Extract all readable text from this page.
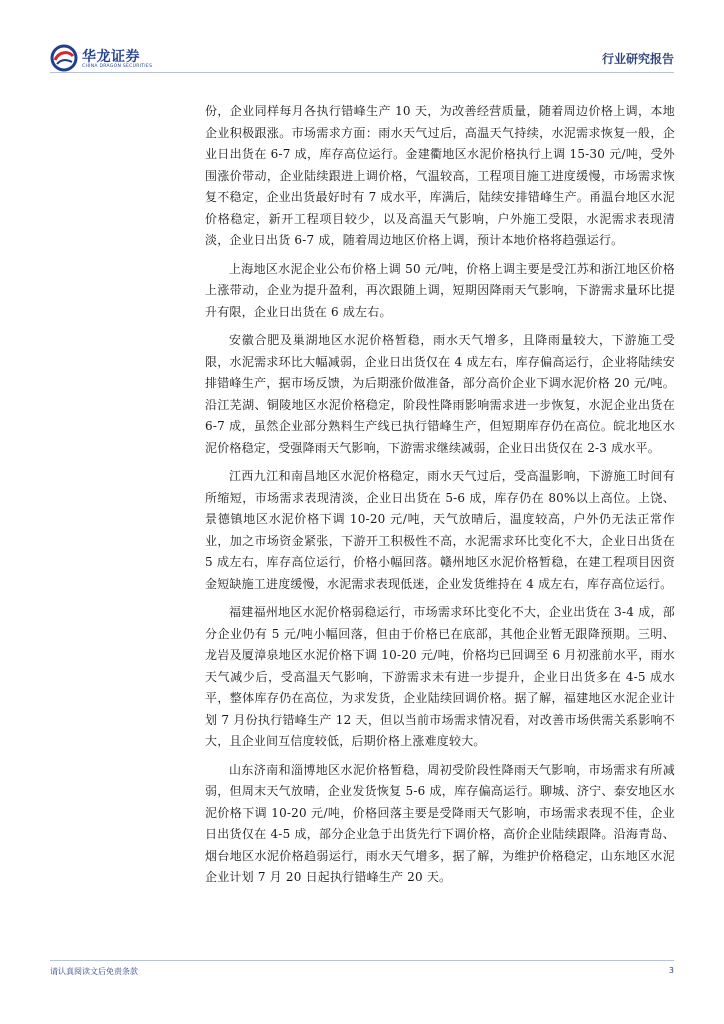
华龙证券
CHINA DRAGON SECURITIES
行业研究报告

份，企业同样每月各执行错峰生产 10 天，为改善经营质量，随着周边价格上调，本地企业积极跟涨。市场需求方面：雨水天气过后，高温天气持续，水泥需求恢复一般，企业日出货在 6-7 成，库存高位运行。金建衢地区水泥价格执行上调 15-30 元/吨，受外围涨价带动，企业陆续跟进上调价格，气温较高，工程项目施工进度缓慢，市场需求恢复不稳定，企业出货最好时有 7 成水平，库满后，陆续安排错峰生产。甬温台地区水泥价格稳定，新开工程项目较少，以及高温天气影响，户外施工受限，水泥需求表现清淡，企业日出货 6-7 成，随着周边地区价格上调，预计本地价格将趋强运行。

上海地区水泥企业公布价格上调 50 元/吨，价格上调主要是受江苏和浙江地区价格上涨带动，企业为提升盈利，再次跟随上调，短期因降雨天气影响，下游需求量环比提升有限，企业日出货在 6 成左右。

安徽合肥及巢湖地区水泥价格暂稳，雨水天气增多，且降雨量较大，下游施工受限，水泥需求环比大幅减弱，企业日出货仅在 4 成左右，库存偏高运行，企业将陆续安排错峰生产，据市场反馈，为后期涨价做准备，部分高价企业下调水泥价格 20 元/吨。沿江芜湖、铜陵地区水泥价格稳定，阶段性降雨影响需求进一步恢复，水泥企业出货在 6-7 成，虽然企业部分熟料生产线已执行错峰生产，但短期库存仍在高位。皖北地区水泥价格稳定，受强降雨天气影响，下游需求继续减弱，企业日出货仅在 2-3 成水平。

江西九江和南昌地区水泥价格稳定，雨水天气过后，受高温影响，下游施工时间有所缩短，市场需求表现清淡，企业日出货在 5-6 成，库存仍在 80%以上高位。上饶、景德镇地区水泥价格下调 10-20 元/吨，天气放晴后，温度较高，户外仍无法正常作业，加之市场资金紧张，下游开工积极性不高，水泥需求环比变化不大，企业日出货在 5 成左右，库存高位运行，价格小幅回落。赣州地区水泥价格暂稳，在建工程项目因资金短缺施工进度缓慢，水泥需求表现低迷，企业发货维持在 4 成左右，库存高位运行。

福建福州地区水泥价格弱稳运行，市场需求环比变化不大，企业出货在 3-4 成，部分企业仍有 5 元/吨小幅回落，但由于价格已在底部，其他企业暂无跟降预期。三明、龙岩及厦漳泉地区水泥价格下调 10-20 元/吨，价格均已回调至 6 月初涨前水平，雨水天气减少后，受高温天气影响，下游需求未有进一步提升，企业日出货多在 4-5 成水平，整体库存仍在高位，为求发货，企业陆续回调价格。据了解，福建地区水泥企业计划 7 月份执行错峰生产 12 天，但以当前市场需求情况看，对改善市场供需关系影响不大，且企业间互信度较低，后期价格上涨难度较大。

山东济南和淄博地区水泥价格暂稳，周初受阶段性降雨天气影响，市场需求有所减弱，但周末天气放晴，企业发货恢复 5-6 成，库存偏高运行。聊城、济宁、泰安地区水泥价格下调 10-20 元/吨，价格回落主要是受降雨天气影响，市场需求表现不佳，企业日出货仅在 4-5 成，部分企业急于出货先行下调价格，高价企业陆续跟降。沿海青岛、烟台地区水泥价格趋弱运行，雨水天气增多，据了解，为维护价格稳定，山东地区水泥企业计划 7 月 20 日起执行错峰生产 20 天。

请认真阅读文后免责条款	3
